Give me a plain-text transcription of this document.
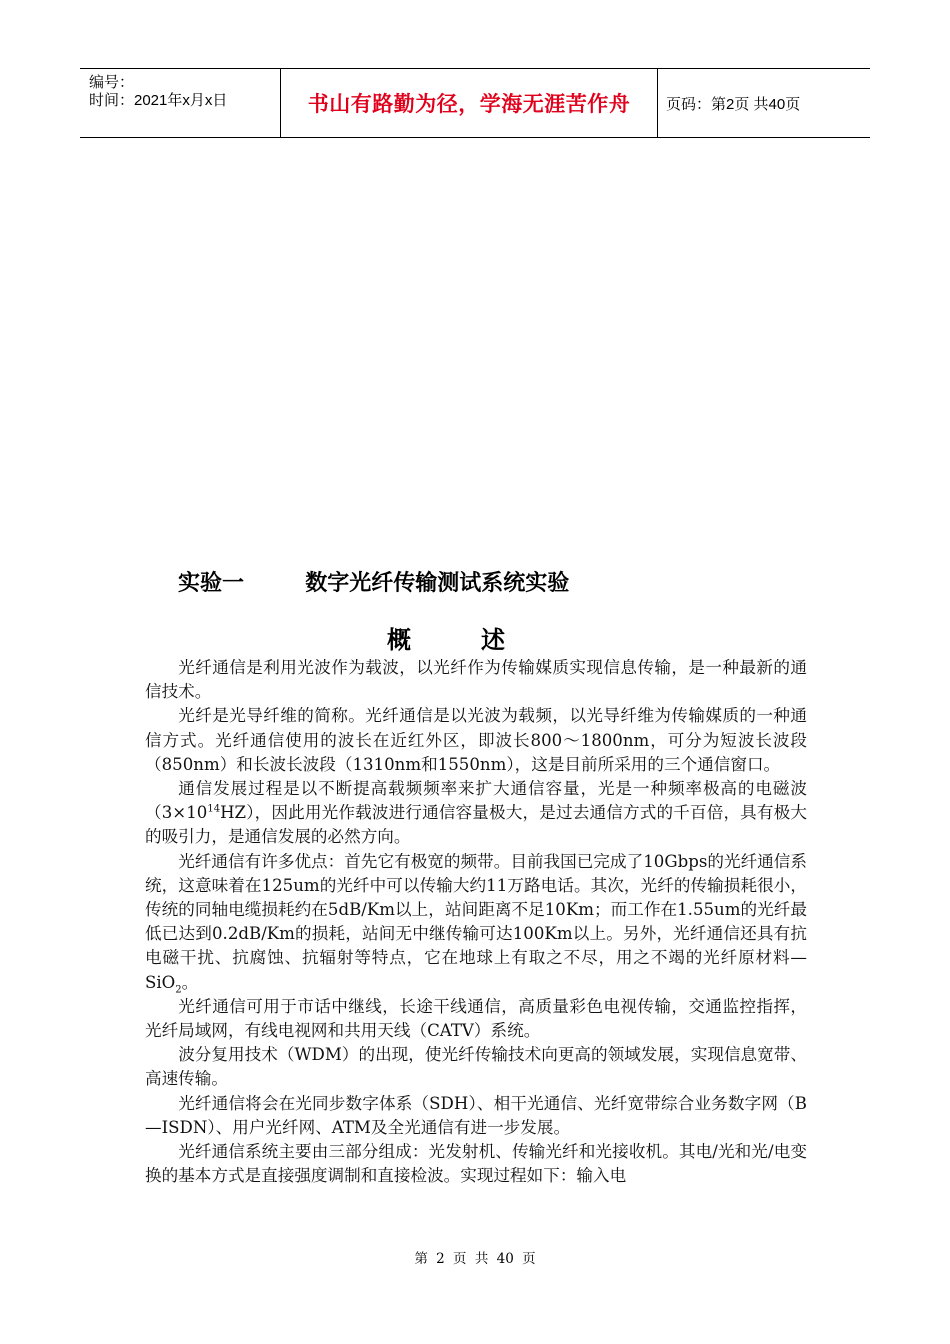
编号：
时间：2021年x月x日	书山有路勤为径，学海无涯苦作舟 页码：第2页 共40页
实验一        数字光纤传输测试系统实验
概述

光纤通信是利用光波作为载波，以光纤作为传输媒质实现信息传输，是一种最新的通信技术。

光纤是光导纤维的简称。光纤通信是以光波为载频，以光导纤维为传输媒质的一种通信方式。光纤通信使用的波长在近红外区，即波长800～1800nm，可分为短波长波段（850nm）和长波长波段（1310nm和1550nm），这是目前所采用的三个通信窗口。

通信发展过程是以不断提高载频频率来扩大通信容量，光是一种频率极高的电磁波$(3\times 10^{14}HZ)$，因此用光作载波进行通信容量极大，是过去通信方式的千百倍，具有极大的吸引力，是通信发展的必然方向。

光纤通信有许多优点：首先它有极宽的频带。目前我国已完成了10Gbps的光纤通信系统，这意味着在125um的光纤中可以传输大约11万路电话。其次，光纤的传输损耗很小，传统的同轴电缆损耗约在5dB/Km以上，站间距离不足10Km；而工作在1.55um的光纤最低已达到0.2dB/Km的损耗，站间无中继传输可达100Km以上。另外，光纤通信还具有抗电磁干扰、抗腐蚀、抗辐射等特点，它在地球上有取之不尽，用之不竭的光纤原材料—SiO$_2$。

光纤通信可用于市话中继线，长途干线通信，高质量彩色电视传输，交通监控指挥，光纤局域网，有线电视网和共用天线（CATV）系统。

波分复用技术（WDM）的出现，使光纤传输技术向更高的领域发展，实现信息宽带、高速传输。

光纤通信将会在光同步数字体系（SDH）、相干光通信、光纤宽带综合业务数字网（B—ISDN）、用户光纤网、ATM及全光通信有进一步发展。

光纤通信系统主要由三部分组成：光发射机、传输光纤和光接收机。其电/光和光/电变换的基本方式是直接强度调制和直接检波。实现过程如下：输入电

第 2 页 共 40 页
